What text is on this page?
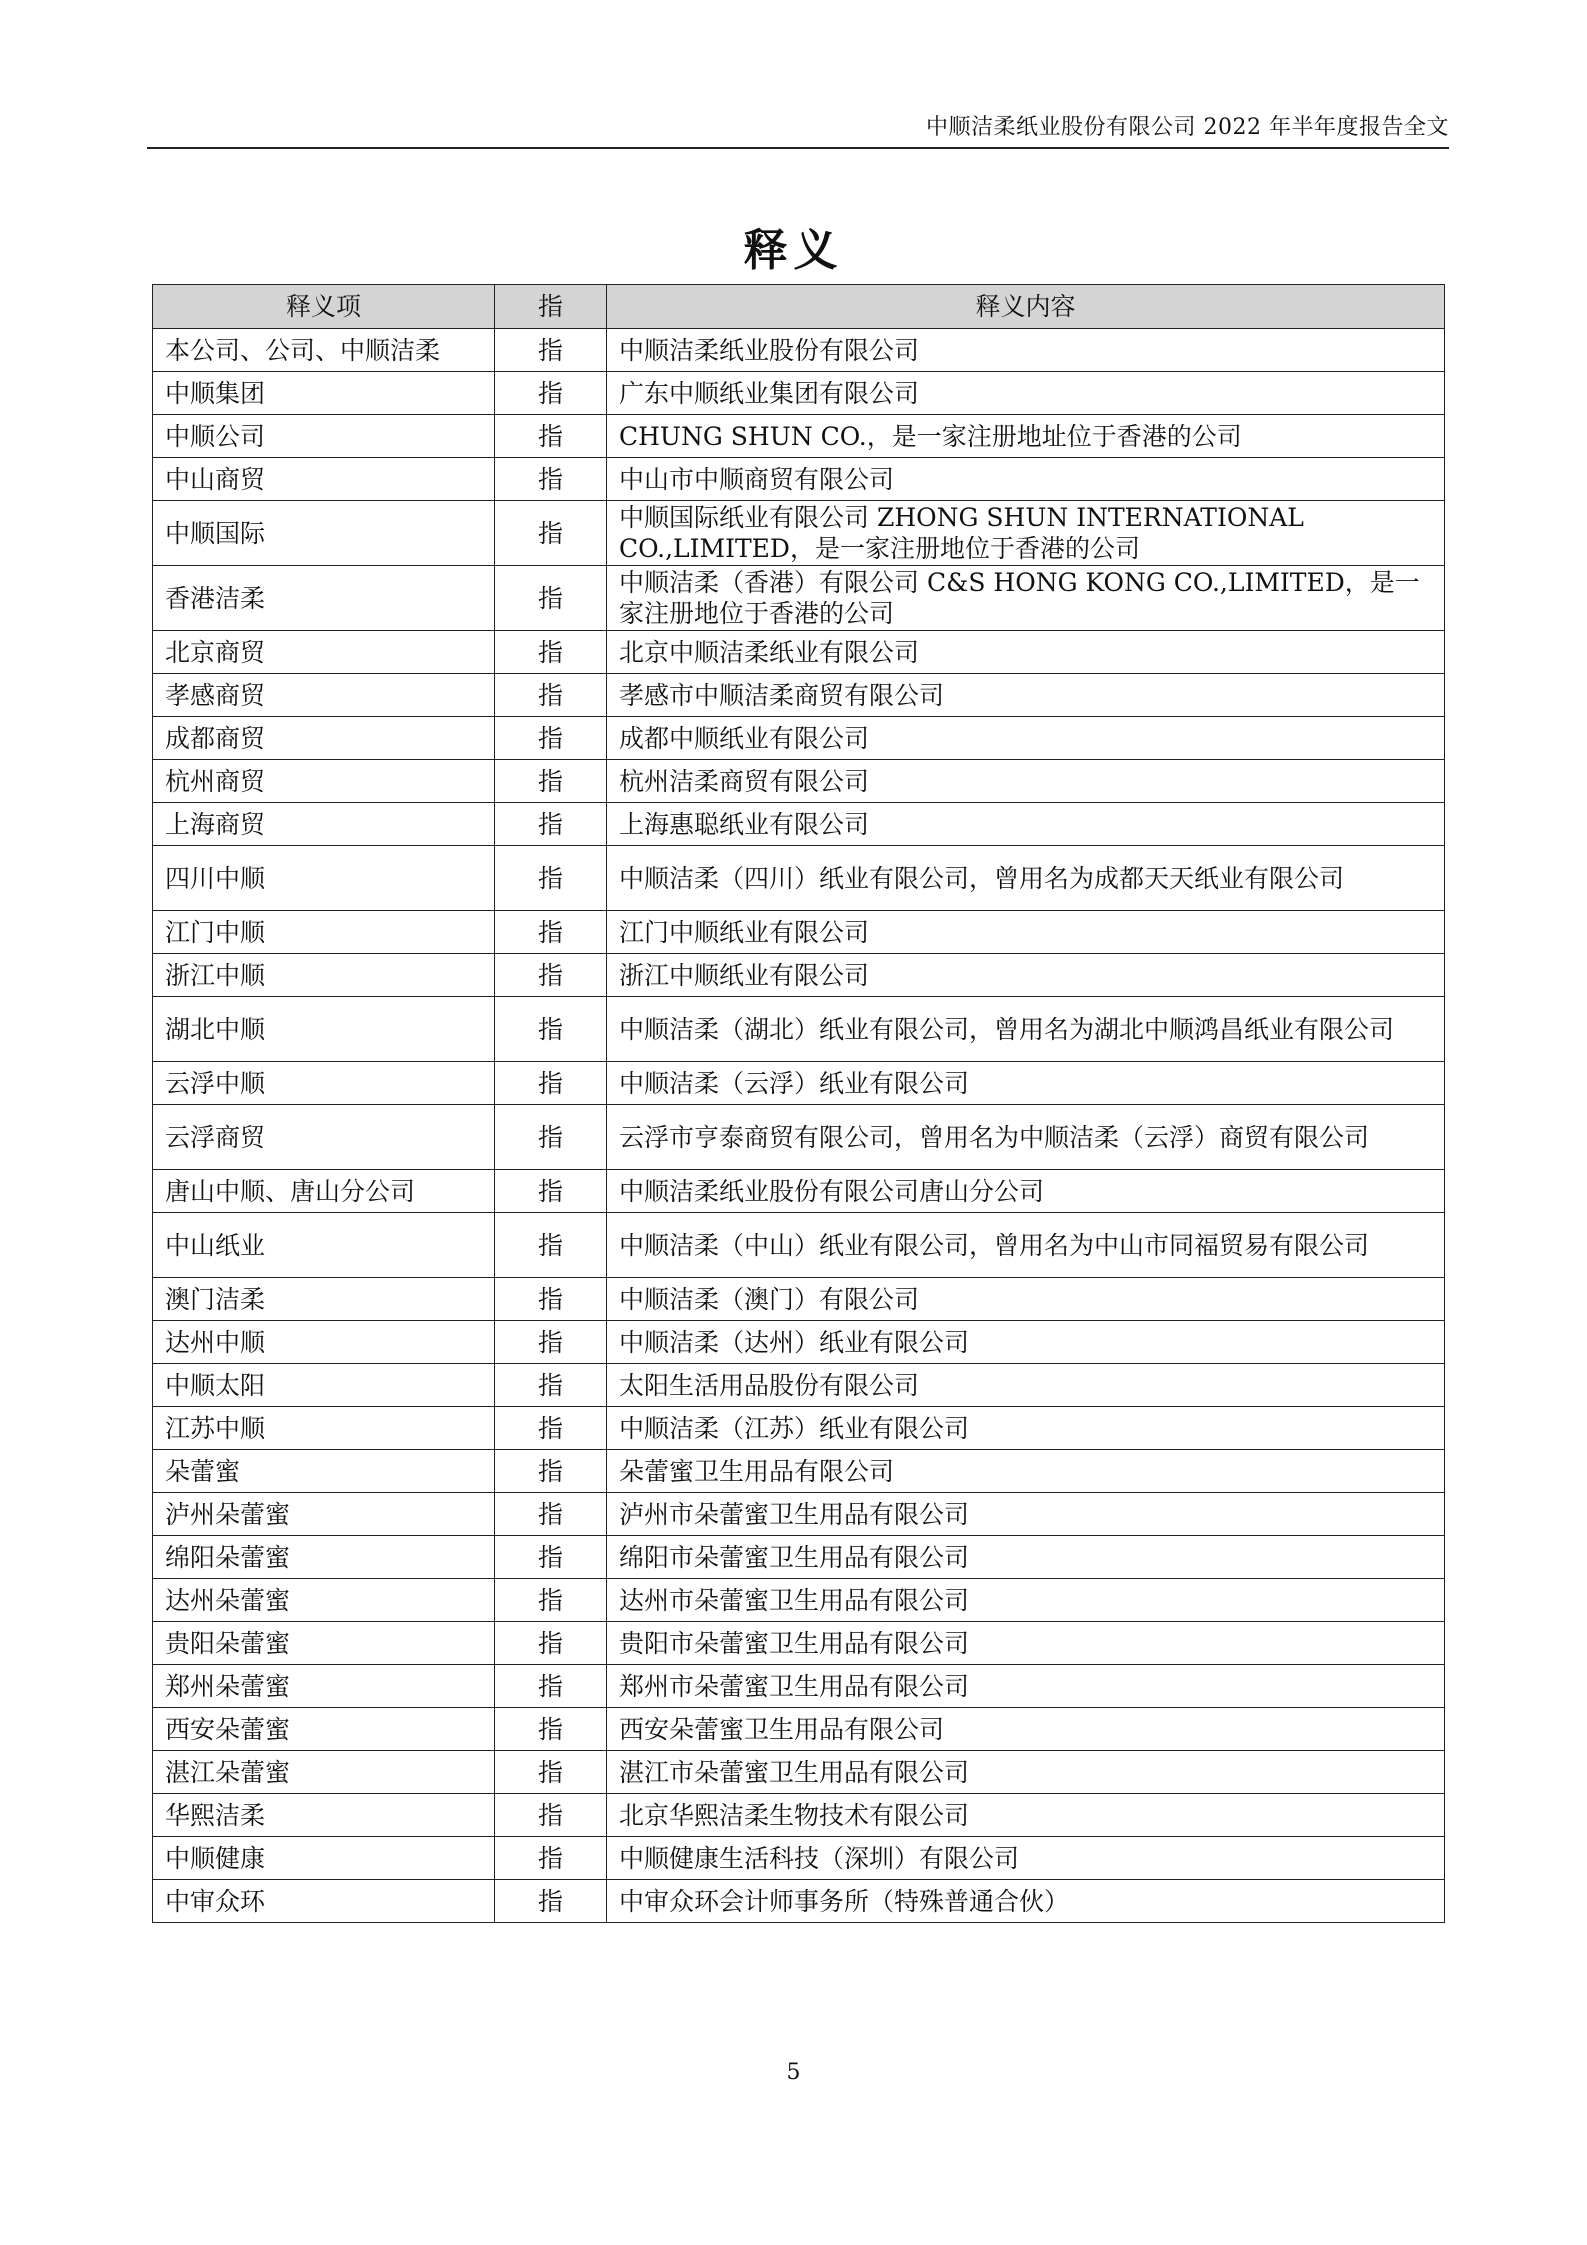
中顺洁柔纸业股份有限公司 2022 年半年度报告全文
释义
释义项	指	释义内容
本公司、公司、中顺洁柔	指	中顺洁柔纸业股份有限公司
中顺集团	指	广东中顺纸业集团有限公司
中顺公司	指	CHUNG SHUN CO.，是一家注册地址位于香港的公司
中山商贸	指	中山市中顺商贸有限公司
中顺国际	指	中顺国际纸业有限公司 ZHONG SHUN INTERNATIONAL CO.,LIMITED，是一家注册地位于香港的公司
香港洁柔	指	中顺洁柔（香港）有限公司 C&S HONG KONG CO.,LIMITED，是一家注册地位于香港的公司
北京商贸	指	北京中顺洁柔纸业有限公司
孝感商贸	指	孝感市中顺洁柔商贸有限公司
成都商贸	指	成都中顺纸业有限公司
杭州商贸	指	杭州洁柔商贸有限公司
上海商贸	指	上海惠聪纸业有限公司
四川中顺	指	中顺洁柔（四川）纸业有限公司，曾用名为成都天天纸业有限公司
江门中顺	指	江门中顺纸业有限公司
浙江中顺	指	浙江中顺纸业有限公司
湖北中顺	指	中顺洁柔（湖北）纸业有限公司，曾用名为湖北中顺鸿昌纸业有限公司
云浮中顺	指	中顺洁柔（云浮）纸业有限公司
云浮商贸	指	云浮市亨泰商贸有限公司，曾用名为中顺洁柔（云浮）商贸有限公司
唐山中顺、唐山分公司	指	中顺洁柔纸业股份有限公司唐山分公司
中山纸业	指	中顺洁柔（中山）纸业有限公司，曾用名为中山市同福贸易有限公司
澳门洁柔	指	中顺洁柔（澳门）有限公司
达州中顺	指	中顺洁柔（达州）纸业有限公司
中顺太阳	指	太阳生活用品股份有限公司
江苏中顺	指	中顺洁柔（江苏）纸业有限公司
朵蕾蜜	指	朵蕾蜜卫生用品有限公司
泸州朵蕾蜜	指	泸州市朵蕾蜜卫生用品有限公司
绵阳朵蕾蜜	指	绵阳市朵蕾蜜卫生用品有限公司
达州朵蕾蜜	指	达州市朵蕾蜜卫生用品有限公司
贵阳朵蕾蜜	指	贵阳市朵蕾蜜卫生用品有限公司
郑州朵蕾蜜	指	郑州市朵蕾蜜卫生用品有限公司
西安朵蕾蜜	指	西安朵蕾蜜卫生用品有限公司
湛江朵蕾蜜	指	湛江市朵蕾蜜卫生用品有限公司
华熙洁柔	指	北京华熙洁柔生物技术有限公司
中顺健康	指	中顺健康生活科技（深圳）有限公司
中审众环	指	中审众环会计师事务所（特殊普通合伙）
5
